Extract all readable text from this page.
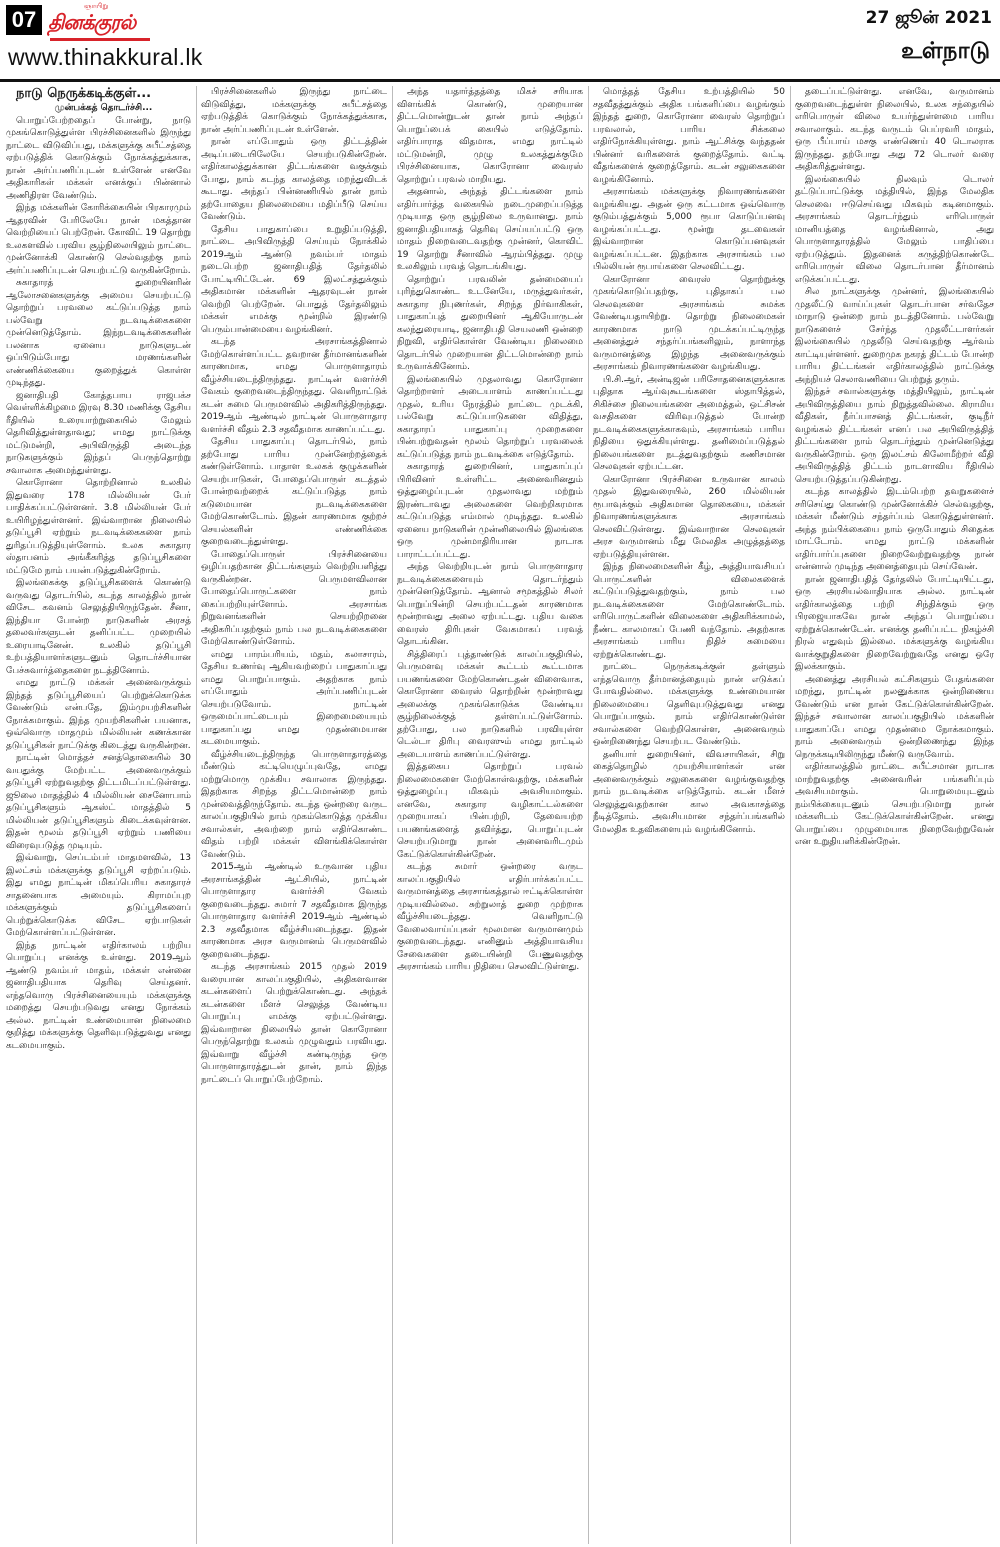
07
ஞாயிறு
தினக்குரல்
www.thinakkural.lk
27 ஜூன் 2021
உள்நாடு

நாடு நெருக்கடிக்குள்...

முன்பக்கத் தொடர்ச்சி...

பொறுப்பேற்றதைப் போன்று, நாடு முகங்கொடுத்துள்ள பிரச்சினைகளில் இருந்து நாட்டை விடுவிப்பது, மக்களுக்கு சுபீட்சத்தை ஏற்படுத்திக் கொடுக்கும் நோக்கத்துக்காக, நான் அர்ப்பணிப்புடன் உள்ளேன் எனவே அதிகாரிகள் மக்கள் எனக்குப் பின்னால் அணிதிரள வேண்டும்.

இந்த மக்களின் கோரிக்கையின் பிரகாரமும் ஆதரவின் பேரிலேயே நான் மகத்தான வெற்றியைப் பெற்றேன். கோவிட் 19 தொற்று உலகளவில் பரவிய சூழ்நிலையிலும் நாட்டை முன்னோக்கி கொண்டு செல்வதற்கு நாம் அர்ப்பணிப்புடன் செயற்பட்டு வருகின்றோம்.

சுகாதாரத் துறையினரின் ஆலோசனைகளுக்கு அமைய செயற்பட்டு தொற்றுப் பரவலை கட்டுப்படுத்த நாம் பல்வேறு நடவடிக்கைகளை முன்னெடுத்தோம். இந்நடவடிக்கைகளின் பலனாக ஏனைய நாடுகளுடன் ஒப்பிடும்போது மரணங்களின் எண்ணிக்கையை குறைத்துக் கொள்ள முடிந்தது.

ஜனாதிபதி கோத்தபாய ராஜபக்ச வெள்ளிக்கிழமை இரவு 8.30 மணிக்கு தேசிய ரீதியில் உரையாற்றுகையில் மேலும் தெரிவித்துள்ளதாவது; எமது நாட்டுக்கு மட்டுமன்றி, அபிவிருத்தி அடைந்த நாடுகளுக்கும் இந்தப் பெருந்தொற்று சவாலாக அமைந்துள்ளது.

கொரோனா தொற்றினால் உலகில் இதுவரை 178 மில்லியன் பேர் பாதிக்கப்பட்டுள்ளனர். 3.8 மில்லியன் பேர் உயிரிழந்துள்ளனர். இவ்வாறான நிலையில் தடுப்பூசி ஏற்றும் நடவடிக்கைகளை நாம் துரிதப்படுத்தியுள்ளோம். உலக சுகாதார ஸ்தாபனம் அங்கீகரித்த தடுப்பூசிகளை மட்டுமே நாம் பயன்படுத்துகின்றோம்.

இலங்கைக்கு தடுப்பூசிகளைக் கொண்டு வருவது தொடர்பில், கடந்த காலத்தில் நான் விசேட கவனம் செலுத்தியிருந்தேன். சீனா, இந்தியா போன்ற நாடுகளின் அரசத் தலைவர்களுடன் தனிப்பட்ட முறையில் உரையாடினேன். உலகில் தடுப்பூசி உற்பத்தியாளர்களுடனும் தொடர்ச்சியான பேச்சுவார்த்தைகளை நடத்தினோம்.

எமது நாட்டு மக்கள் அனைவருக்கும் இந்தத் தடுப்பூசியைப் பெற்றுக்கொடுக்க வேண்டும் என்பதே, இம்முயற்சிகளின் நோக்கமாகும். இந்த முயற்சிகளின் பயனாக, ஒவ்வொரு மாதமும் மில்லியன் கணக்கான தடுப்பூசிகள் நாட்டுக்கு கிடைத்து வருகின்றன.

நாட்டின் மொத்தச் சனத்தொகையில் 30 வயதுக்கு மேற்பட்ட அனைவருக்கும் தடுப்பூசி ஏற்றுவதற்கு திட்டமிடப்பட்டுள்ளது. ஜூலை மாதத்தில் 4 மில்லியன் சைனோபாம் தடுப்பூசிகளும் ஆகஸ்ட் மாதத்தில் 5 மில்லியன் தடுப்பூசிகளும் கிடைக்கவுள்ளன. இதன் மூலம் தடுப்பூசி ஏற்றும் பணியை விரைவுபடுத்த முடியும்.

இவ்வாறு, செப்டம்பர் மாதமளவில், 13 இலட்சம் மக்களுக்கு தடுப்பூசி ஏற்றப்படும். இது எமது நாட்டின் மிகப்பெரிய சுகாதாரச் சாதனையாக அமையும். கிராமப்புற மக்களுக்கும் தடுப்பூசிகளைப் பெற்றுக்கொடுக்க விசேட ஏற்பாடுகள் மேற்கொள்ளப்பட்டுள்ளன.

இந்த நாட்டின் எதிர்காலம் பற்றிய பொறுப்பு எனக்கு உள்ளது. 2019ஆம் ஆண்டு நவம்பர் மாதம், மக்கள் என்னை ஜனாதிபதியாக தெரிவு செய்தனர். எந்தவொரு பிரச்சினையையும் மக்களுக்கு மறைத்து செயற்படுவது எனது நோக்கம் அல்ல. நாட்டின் உண்மையான நிலைமை குறித்து மக்களுக்கு தெளிவுபடுத்துவது எனது கடமையாகும்.

பிரச்சினைகளில் இருந்து நாட்டை விடுவித்து, மக்களுக்கு சுபீட்சத்தை ஏற்படுத்திக் கொடுக்கும் நோக்கத்துக்காக, நான் அர்ப்பணிப்புடன் உள்ளேன்.

நான் எப்போதும் ஒரு திட்டத்தின் அடிப்படையிலேயே செயற்படுகின்றேன். எதிர்காலத்துக்கான திட்டங்களை வகுக்கும் போது, நாம் கடந்த காலத்தை மறந்துவிடக் கூடாது. அந்தப் பின்னணியில் தான் நாம் தற்போதைய நிலைமையை மதிப்பீடு செய்ய வேண்டும்.

தேசிய பாதுகாப்பை உறுதிப்படுத்தி, நாட்டை அபிவிருத்தி செய்யும் நோக்கில் 2019ஆம் ஆண்டு நவம்பர் மாதம் நடைபெற்ற ஜனாதிபதித் தேர்தலில் போட்டியிட்டேன். 69 இலட்சத்துக்கும் அதிகமான மக்களின் ஆதரவுடன் நான் வெற்றி பெற்றேன். பொதுத் தேர்தலிலும் மக்கள் எமக்கு மூன்றில் இரண்டு பெரும்பான்மையை வழங்கினர்.

கடந்த அரசாங்கத்தினால் மேற்கொள்ளப்பட்ட தவறான தீர்மானங்களின் காரணமாக, எமது பொருளாதாரம் வீழ்ச்சியடைந்திருந்தது. நாட்டின் வளர்ச்சி வேகம் குறைவடைந்திருந்தது. வெளிநாட்டுக் கடன் சுமை பெருமளவில் அதிகரித்திருந்தது. 2019ஆம் ஆண்டில் நாட்டின் பொருளாதார வளர்ச்சி வீதம் 2.3 சதவீதமாக காணப்பட்டது.

தேசிய பாதுகாப்பு தொடர்பில், நாம் தற்போது பாரிய முன்னேற்றத்தைக் கண்டுள்ளோம். பாதாள உலகக் குழுக்களின் செயற்பாடுகள், போதைப்பொருள் கடத்தல் போன்றவற்றைக் கட்டுப்படுத்த நாம் கடுமையான நடவடிக்கைகளை மேற்கொண்டோம். இதன் காரணமாக குற்றச் செயல்களின் எண்ணிக்கை குறைவடைந்துள்ளது.

போதைப்பொருள் பிரச்சினையை ஒழிப்பதற்கான திட்டங்களும் வெற்றியளித்து வருகின்றன. பெருமளவிலான போதைப்பொருட்களை நாம் கைப்பற்றியுள்ளோம். அரசாங்க நிறுவனங்களின் செயற்றிறனை அதிகரிப்பதற்கும் நாம் பல நடவடிக்கைகளை மேற்கொண்டுள்ளோம்.

எமது பாரம்பரியம், மதம், கலாசாரம், தேசிய உணர்வு ஆகியவற்றைப் பாதுகாப்பது எமது பொறுப்பாகும். அதற்காக நாம் எப்போதும் அர்ப்பணிப்புடன் செயற்படுவோம். நாட்டின் ஒருமைப்பாட்டையும் இறைமையையும் பாதுகாப்பது எமது முதன்மையான கடமையாகும்.

வீழ்ச்சியடைந்திருந்த பொருளாதாரத்தை மீண்டும் கட்டியெழுப்புவதே, எமது மற்றுமொரு முக்கிய சவாலாக இருந்தது. இதற்காக சிறந்த திட்டமொன்றை நாம் முன்வைத்திருந்தோம். கடந்த ஒன்றரை வருட காலப்பகுதியில் நாம் முகம்கொடுத்த முக்கிய சவால்கள், அவற்றை நாம் எதிர்கொண்ட விதம் பற்றி மக்கள் விளங்கிக்கொள்ள வேண்டும்.

2015ஆம் ஆண்டில் உருவான புதிய அரசாங்கத்தின் ஆட்சியில், நாட்டின் பொருளாதார வளர்ச்சி வேகம் குறைவடைந்தது. சுமார் 7 சதவீதமாக இருந்த பொருளாதார வளர்ச்சி 2019ஆம் ஆண்டில் 2.3 சதவீதமாக வீழ்ச்சியடைந்தது. இதன் காரணமாக அரச வருமானம் பெருமளவில் குறைவடைந்தது.

கடந்த அரசாங்கம் 2015 முதல் 2019 வரையான காலப்பகுதியில், அதிகளவான கடன்களைப் பெற்றுக்கொண்டது. அந்தக் கடன்களை மீளச் செலுத்த வேண்டிய பொறுப்பு எமக்கு ஏற்பட்டுள்ளது. இவ்வாறான நிலையில் தான் கொரோனா பெருந்தொற்று உலகம் முழுவதும் பரவியது. இவ்வாறு வீழ்ச்சி கண்டிருந்த ஒரு பொருளாதாரத்துடன் தான், நாம் இந்த நாட்டைப் பொறுப்பேற்றோம்.

அந்த யதார்த்தத்தை மிகச் சரியாக விளங்கிக் கொண்டு, முறையான திட்டமொன்றுடன் தான் நாம் அந்தப் பொறுப்பைக் கையில் எடுத்தோம். எதிர்பாராத விதமாக, எமது நாட்டில் மட்டுமன்றி, முழு உலகத்துக்குமே பிரச்சினையாக, கொரோனா வைரஸ் தொற்றுப் பரவல் மாறியது.

அதனால், அந்தத் திட்டங்களை நாம் எதிர்பார்த்த வகையில் நடைமுறைப்படுத்த முடியாத ஒரு சூழ்நிலை உருவானது. நாம் ஜனாதிபதியாகத் தெரிவு செய்யப்பட்டு ஒரு மாதம் நிறைவடைவதற்கு முன்னர், கொவிட் 19 தொற்று சீனாவில் ஆரம்பித்தது. முழு உலகிலும் பரவத் தொடங்கியது.

தொற்றுப் பரவலின் தன்மையைப் புரிந்துகொண்ட உடனேயே, மருத்துவர்கள், சுகாதார நிபுணர்கள், சிறந்த நிர்வாகிகள், பாதுகாப்புத் துறையினர் ஆகியோருடன் கலந்துரையாடி, ஜனாதிபதி செயலணி ஒன்றை நிறுவி, எதிர்கொள்ள வேண்டிய நிலைமை தொடர்பில் முறையான திட்டமொன்றை நாம் உருவாக்கினோம்.

இலங்கையில் முதலாவது கொரோனா தொற்றாளர் அடையாளம் காணப்பட்டது முதல், உரிய நேரத்தில் நாட்டை முடக்கி, பல்வேறு கட்டுப்பாடுகளை விதித்து, சுகாதாரப் பாதுகாப்பு முறைகளை பின்பற்றுவதன் மூலம் தொற்றுப் பரவலைக் கட்டுப்படுத்த நாம் நடவடிக்கை எடுத்தோம்.

சுகாதாரத் துறையினர், பாதுகாப்புப் பிரிவினர் உள்ளிட்ட அனைவரினதும் ஒத்துழைப்புடன் முதலாவது மற்றும் இரண்டாவது அலைகளை வெற்றிகரமாக கட்டுப்படுத்த எம்மால் முடிந்தது. உலகில் ஏனைய நாடுகளின் முன்னிலையில் இலங்கை ஒரு முன்மாதிரியான நாடாக பாராட்டப்பட்டது.

அந்த வெற்றியுடன் நாம் பொருளாதார நடவடிக்கைகளையும் தொடர்ந்தும் முன்னெடுத்தோம். ஆனால் சமூகத்தில் சிலர் பொறுப்பின்றி செயற்பட்டதன் காரணமாக மூன்றாவது அலை ஏற்பட்டது. புதிய வகை வைரஸ் திரிபுகள் வேகமாகப் பரவத் தொடங்கின.

சித்திரைப் புத்தாண்டுக் காலப்பகுதியில், பெருமளவு மக்கள் கூட்டம் கூட்டமாக பயணங்களை மேற்கொண்டதன் விளைவாக, கொரோனா வைரஸ் தொற்றின் மூன்றாவது அலைக்கு முகங்கொடுக்க வேண்டிய சூழ்நிலைக்குத் தள்ளப்பட்டுள்ளோம். தற்போது, பல நாடுகளில் பரவியுள்ள டெல்டா திரிபு வைரஸும் எமது நாட்டில் அடையாளம் காணப்பட்டுள்ளது.

இத்தகைய தொற்றுப் பரவல் நிலைமைகளை மேற்கொள்வதற்கு, மக்களின் ஒத்துழைப்பு மிகவும் அவசியமாகும். எனவே, சுகாதார வழிகாட்டல்களை முறையாகப் பின்பற்றி, தேவையற்ற பயணங்களைத் தவிர்த்து, பொறுப்புடன் செயற்படுமாறு நான் அனைவரிடமும் கேட்டுக்கொள்கின்றேன்.

கடந்த சுமார் ஒன்றரை வருட காலப்பகுதியில் எதிர்பார்க்கப்பட்ட வருமானத்தை அரசாங்கத்தால் ஈட்டிக்கொள்ள முடியவில்லை. சுற்றுலாத் துறை முற்றாக வீழ்ச்சியடைந்தது. வெளிநாட்டு வேலைவாய்ப்புகள் மூலமான வருமானமும் குறைவடைந்தது. எனினும் அத்தியாவசிய சேவைகளை தடையின்றி பேணுவதற்கு அரசாங்கம் பாரிய நிதியை செலவிட்டுள்ளது.

மொத்தத் தேசிய உற்பத்தியில் 50 சதவீதத்துக்கும் அதிக பங்களிப்பை வழங்கும் இந்தத் துறை, கொரோனா வைரஸ் தொற்றுப் பரவலால், பாரிய சிக்கலை எதிர்நோக்கியுள்ளது. நாம் ஆட்சிக்கு வந்ததன் பின்னர் வரிகளைக் குறைத்தோம். வட்டி வீதங்களைக் குறைத்தோம். கடன் சலுகைகளை வழங்கினோம்.

அரசாங்கம் மக்களுக்கு நிவாரணங்களை வழங்கியது. அதன் ஒரு கட்டமாக ஒவ்வொரு குடும்பத்துக்கும் 5,000 ரூபா கொடுப்பனவு வழங்கப்பட்டது. மூன்று தடவைகள் இவ்வாறான கொடுப்பனவுகள் வழங்கப்பட்டன. இதற்காக அரசாங்கம் பல பில்லியன் ரூபாய்களை செலவிட்டது.

கொரோனா வைரஸ் தொற்றுக்கு முகங்கொடுப்பதற்கு, புதிதாகப் பல செலவுகளை அரசாங்கம் சுமக்க வேண்டியதாயிற்று. தொற்று நிலைமைகள் காரணமாக நாடு முடக்கப்பட்டிருந்த அனைத்துச் சந்தர்ப்பங்களிலும், நாளாந்த வருமானத்தை இழந்த அனைவருக்கும் அரசாங்கம் நிவாரணங்களை வழங்கியது.

பி.சி.ஆர், அன்டிஜன் பரிசோதனைகளுக்காக புதிதாக ஆய்வுகூடங்களை ஸ்தாபித்தல், சிகிச்சை நிலையங்களை அமைத்தல், ஒட்சிசன் வசதிகளை விரிவுபடுத்தல் போன்ற நடவடிக்கைகளுக்காகவும், அரசாங்கம் பாரிய நிதியை ஒதுக்கியுள்ளது. தனிமைப்படுத்தல் நிலையங்களை நடத்துவதற்கும் கணிசமான செலவுகள் ஏற்பட்டன.

கொரோனா பிரச்சினை உருவான காலம் முதல் இதுவரையில், 260 மில்லியன் ரூபாவுக்கும் அதிகமான தொகையை, மக்கள் நிவாரணங்களுக்காக அரசாங்கம் செலவிட்டுள்ளது. இவ்வாறான செலவுகள் அரச வருமானம் மீது மேலதிக அழுத்தத்தை ஏற்படுத்தியுள்ளன.

இந்த நிலைமைகளின் கீழ், அத்தியாவசியப் பொருட்களின் விலைகளைக் கட்டுப்படுத்துவதற்கும், நாம் பல நடவடிக்கைகளை மேற்கொண்டோம். எரிபொருட்களின் விலைகளை அதிகரிக்காமல், நீண்ட காலமாகப் பேணி வந்தோம். அதற்காக அரசாங்கம் பாரிய நிதிச் சுமையை ஏற்றுக்கொண்டது.

நாட்டை நெருக்கடிக்குள் தள்ளும் எந்தவொரு தீர்மானத்தையும் நான் எடுக்கப் போவதில்லை. மக்களுக்கு உண்மையான நிலைமையை தெளிவுபடுத்துவது எனது பொறுப்பாகும். நாம் எதிர்கொண்டுள்ள சவால்களை வெற்றிகொள்ள, அனைவரும் ஒன்றிணைந்து செயற்பட வேண்டும்.

தனியார் துறையினர், விவசாயிகள், சிறு கைத்தொழில் முயற்சியாளர்கள் என அனைவருக்கும் சலுகைகளை வழங்குவதற்கு நாம் நடவடிக்கை எடுத்தோம். கடன் மீளச் செலுத்துவதற்கான கால அவகாசத்தை நீடித்தோம். அவசியமான சந்தர்ப்பங்களில் மேலதிக உதவிகளையும் வழங்கினோம்.

தடைப்பட்டுள்ளது. எனவே, வருமானம் குறைவடைந்துள்ள நிலையில், உலக சந்தையில் எரிபொருள் விலை உயர்ந்துள்ளமை பாரிய சவாலாகும். கடந்த வருடம் பெப்ரவரி மாதம், ஒரு பீப்பாய் மசகு எண்ணெய் 40 டொலராக இருந்தது. தற்போது அது 72 டொலர் வரை அதிகரித்துள்ளது.

இலங்கையில் நிலவும் டொலர் தட்டுப்பாட்டுக்கு மத்தியில், இந்த மேலதிக செலவை ஈடுசெய்வது மிகவும் கடினமாகும். அரசாங்கம் தொடர்ந்தும் எரிபொருள் மானியத்தை வழங்கினால், அது பொருளாதாரத்தில் மேலும் பாதிப்பை ஏற்படுத்தும். இதனைக் கருத்திற்கொண்டே எரிபொருள் விலை தொடர்பான தீர்மானம் எடுக்கப்பட்டது.

சில நாட்களுக்கு முன்னர், இலங்கையில் முதலீட்டு வாய்ப்புகள் தொடர்பான சர்வதேச மாநாடு ஒன்றை நாம் நடத்தினோம். பல்வேறு நாடுகளைச் சேர்ந்த முதலீட்டாளர்கள் இலங்கையில் முதலீடு செய்வதற்கு ஆர்வம் காட்டியுள்ளனர். துறைமுக நகரத் திட்டம் போன்ற பாரிய திட்டங்கள் எதிர்காலத்தில் நாட்டுக்கு அந்நியச் செலாவணியை பெற்றுத் தரும்.

இந்தச் சவால்களுக்கு மத்தியிலும், நாட்டின் அபிவிருத்தியை நாம் நிறுத்தவில்லை. கிராமிய வீதிகள், நீர்ப்பாசனத் திட்டங்கள், குடிநீர் வழங்கல் திட்டங்கள் எனப் பல அபிவிருத்தித் திட்டங்களை நாம் தொடர்ந்தும் முன்னெடுத்து வருகின்றோம். ஒரு இலட்சம் கிலோமீற்றர் வீதி அபிவிருத்தித் திட்டம் நாடளாவிய ரீதியில் செயற்படுத்தப்படுகின்றது.

கடந்த காலத்தில் இடம்பெற்ற தவறுகளைச் சரிசெய்து கொண்டு முன்னோக்கிச் செல்வதற்கு, மக்கள் மீண்டும் சந்தர்ப்பம் கொடுத்துள்ளனர். அந்த நம்பிக்கையை நாம் ஒருபோதும் சிதைக்க மாட்டோம். எமது நாட்டு மக்களின் எதிர்பார்ப்புகளை நிறைவேற்றுவதற்கு நான் என்னால் முடிந்த அனைத்தையும் செய்வேன்.

நான் ஜனாதிபதித் தேர்தலில் போட்டியிட்டது, ஒரு அரசியல்வாதியாக அல்ல. நாட்டின் எதிர்காலத்தை பற்றி சிந்திக்கும் ஒரு பிரஜையாகவே நான் அந்தப் பொறுப்பை ஏற்றுக்கொண்டேன். எனக்கு தனிப்பட்ட நிகழ்ச்சி நிரல் எதுவும் இல்லை. மக்களுக்கு வழங்கிய வாக்குறுதிகளை நிறைவேற்றுவதே எனது ஒரே இலக்காகும்.

அனைத்து அரசியல் கட்சிகளும் பேதங்களை மறந்து, நாட்டின் நலனுக்காக ஒன்றிணைய வேண்டும் என நான் கேட்டுக்கொள்கின்றேன். இந்தச் சவாலான காலப்பகுதியில் மக்களின் பாதுகாப்பே எமது முதன்மை நோக்கமாகும். நாம் அனைவரும் ஒன்றிணைந்து இந்த நெருக்கடியிலிருந்து மீண்டு வருவோம்.

எதிர்காலத்தில் நாட்டை சுபீட்சமான நாடாக மாற்றுவதற்கு அனைவரின் பங்களிப்பும் அவசியமாகும். பொறுமையுடனும் நம்பிக்கையுடனும் செயற்படுமாறு நான் மக்களிடம் கேட்டுக்கொள்கின்றேன். எனது பொறுப்பை முழுமையாக நிறைவேற்றுவேன் என உறுதியளிக்கின்றேன்.
